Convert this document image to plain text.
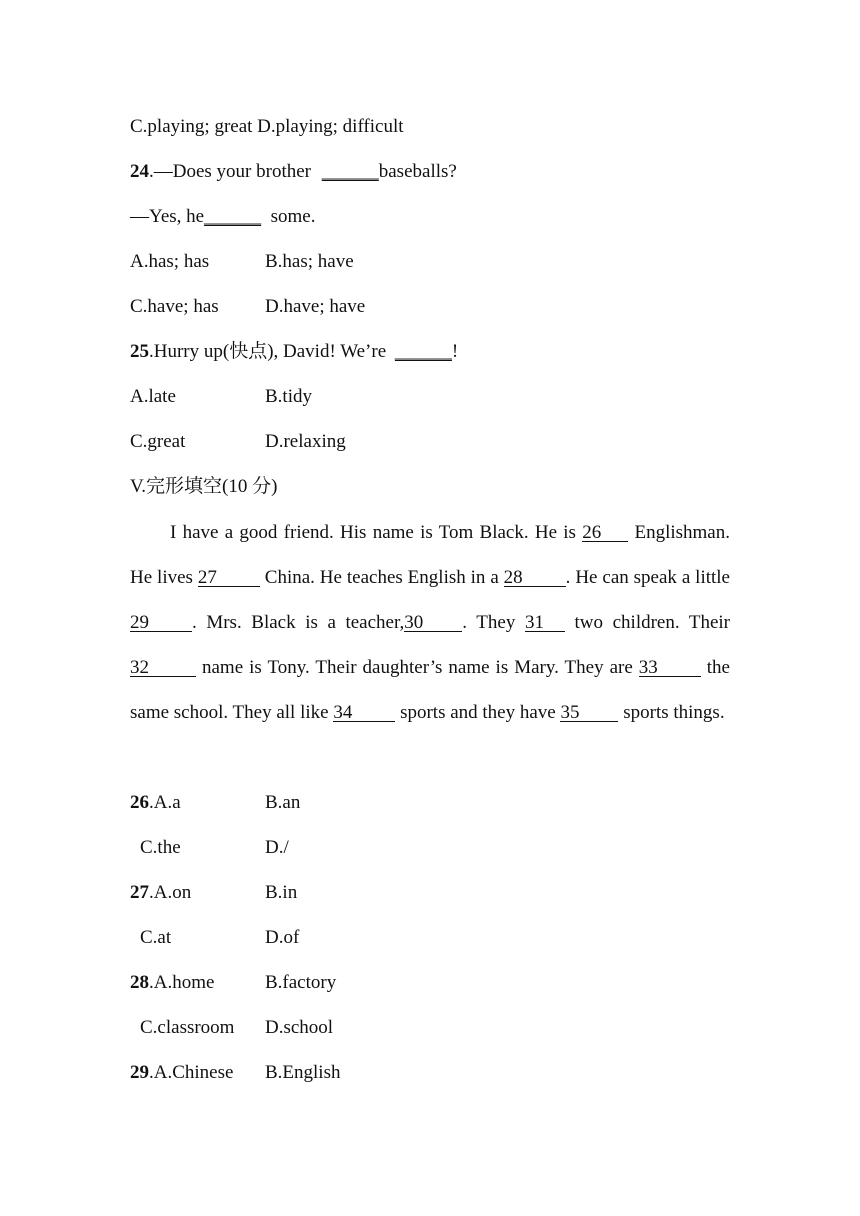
C.playing; great D.playing; difficult
24.—Does your brother ______baseballs?
—Yes, he______ some.
A.has; has	B.has; have
C.have; has D.have; have
25.Hurry up(快点), David! We’re ______!
A.late	B.tidy
C.great	D.relaxing
V.完形填空(10 分)
I have a good friend. His name is Tom Black. He is 26 Englishman. He lives 27	China. He teaches English in a 28 . He can speak a little 29 . Mrs. Black is a teacher,30 . They 31 two children. Their 32	name is Tony. Their daughter’s name is Mary. They are 33	the same school. They all like 34	sports and they have 35 sports things.
26.A.a	B.an
C.the	D./
27.A.on	B.in
C.at	D.of
28.A.home	B.factory
C.classroom D.school
29.A.Chinese B.English
